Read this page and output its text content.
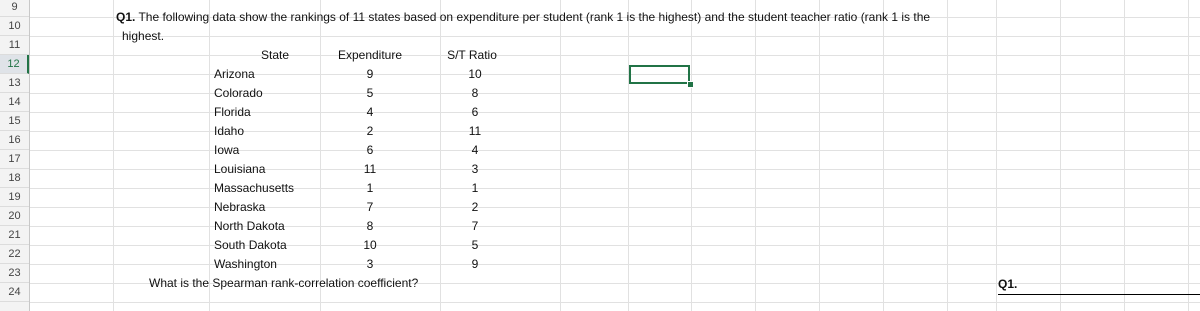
9
10
11
12
13
14
15
16
17
18
19
20
21
22
23
24
Q1. The following data show the rankings of 11 states based on expenditure per student (rank 1 is the highest) and the student teacher ratio (rank 1 is the
highest.
State	Expenditure	S/T Ratio
Arizona	9	10
Colorado	5	8
Florida	4	6
Idaho	2	11
Iowa	6	4
Louisiana	11	3
Massachusetts	1	1
Nebraska	7	2
North Dakota	8	7
South Dakota	10	5
Washington	3	9
What is the Spearman rank-correlation coefficient?	Q1.
